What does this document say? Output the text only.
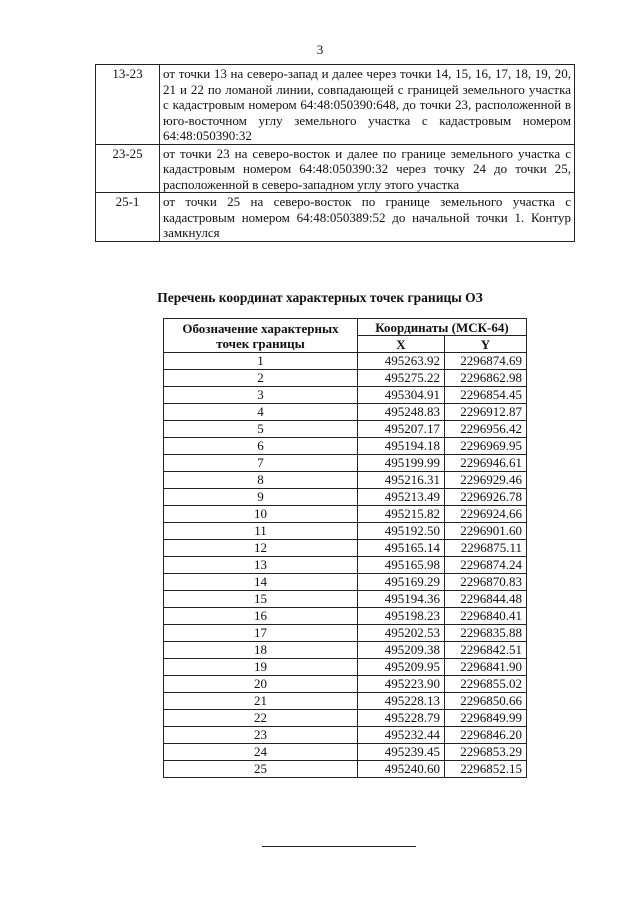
3
13-23	от точки 13 на северо-запад и далее через точки 14, 15, 16, 17, 18, 19, 20, 21 и 22 по ломаной линии, совпадающей с границей земельного участка с кадастровым номером 64:48:050390:648, до точки 23, расположенной в юго-восточном углу земельного участка с кадастровым номером 64:48:050390:32
23-25	от точки 23 на северо-восток и далее по границе земельного участка с кадастровым номером 64:48:050390:32 через точку 24 до точки 25, расположенной в северо-западном углу этого участка
25-1	от точки 25 на северо-восток по границе земельного участка с кадастровым номером 64:48:050389:52 до начальной точки 1. Контур замкнулся
Перечень координат характерных точек границы ОЗ
Обозначение характерных точек границы	Координаты (МСК-64)	
	X	Y
1	495263.92	2296874.69
2	495275.22	2296862.98
3	495304.91	2296854.45
4	495248.83	2296912.87
5	495207.17	2296956.42
6	495194.18	2296969.95
7	495199.99	2296946.61
8	495216.31	2296929.46
9	495213.49	2296926.78
10	495215.82	2296924.66
11	495192.50	2296901.60
12	495165.14	2296875.11
13	495165.98	2296874.24
14	495169.29	2296870.83
15	495194.36	2296844.48
16	495198.23	2296840.41
17	495202.53	2296835.88
18	495209.38	2296842.51
19	495209.95	2296841.90
20	495223.90	2296855.02
21	495228.13	2296850.66
22	495228.79	2296849.99
23	495232.44	2296846.20
24	495239.45	2296853.29
25	495240.60	2296852.15
